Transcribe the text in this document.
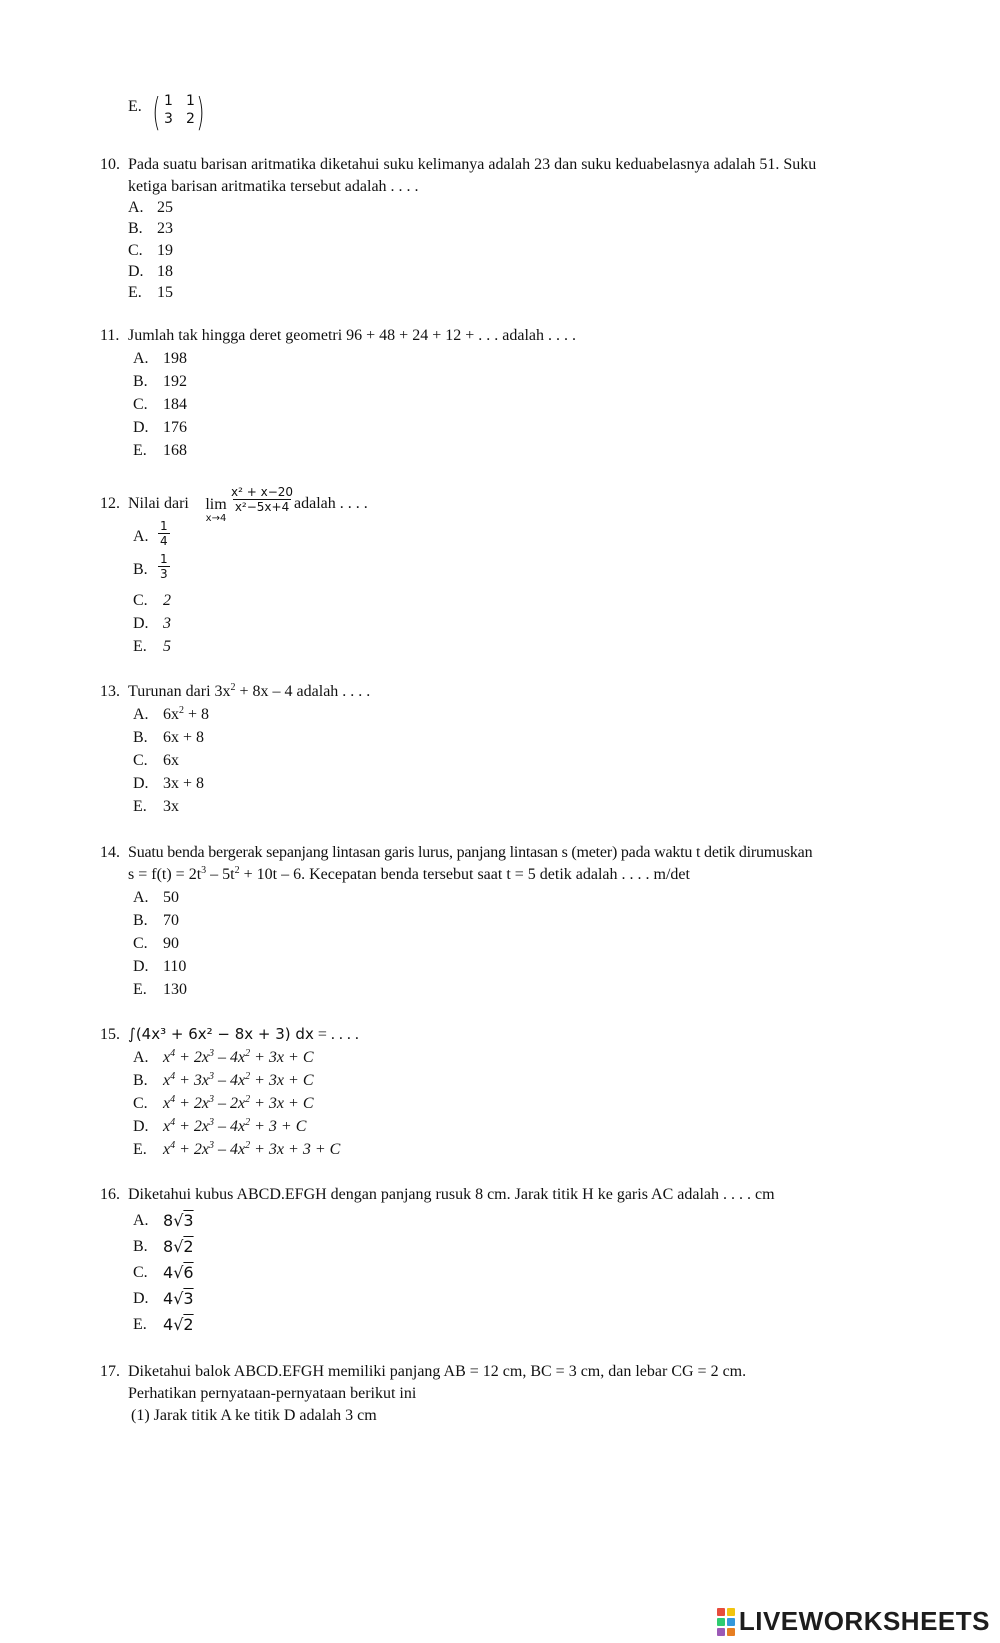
E. ( 1 1
3 2 )
10. Pada suatu barisan aritmatika diketahui suku kelimanya adalah 23 dan suku keduabelasnya adalah 51. Suku
ketiga barisan aritmatika tersebut adalah . . . .
A. 25
B. 23
C. 19
D. 18
E. 15
11. Jumlah tak hingga deret geometri 96 + 48 + 24 + 12 + . . . adalah . . . .
A. 198
B. 192
C. 184
D. 176
E. 168
12. Nilai dari lim
x→4
$\frac{\text{x² + x−20}}{\text{x²−5x+4}}$
adalah . . . .
A. $\frac{1}{4}$
B. $\frac{1}{3}$
C. 2
D. 3
E. 5
13. Turunan dari $3x^2 + 8x - 4$ adalah . . . .
A. $6x^2 + 8$
B. 6x + 8
C. 6x
D. 3x + 8
E. 3x
14. Suatu benda bergerak sepanjang lintasan garis lurus, panjang lintasan s (meter) pada waktu t detik dirumuskan
$s = f(t) = 2t^3 - 5t^2 + 10t - 6$. Kecepatan benda tersebut saat t = 5 detik adalah . . . . m/det
A. 50
B. 70
C. 90
D. 110
E. 130
15. ∫(4x³ + 6x² − 8x + 3) dx = . . . .
A. $x^4 + 2x^3 - 4x^2 + 3x + C$
B. $x^4 + 3x^3 - 4x^2 + 3x + C$
C. $x^4 + 2x^3 - 2x^2 + 3x + C$
D. $x^4 + 2x^3 - 4x^2 + 3 + C$
E. $x^4 + 2x^3 - 4x^2 + 3x + 3 + C$
16. Diketahui kubus ABCD.EFGH dengan panjang rusuk 8 cm. Jarak titik H ke garis AC adalah . . . . cm
A. 8√3
B. 8√2
C. 4√6
D. 4√3
E. 4√2
17. Diketahui balok ABCD.EFGH memiliki panjang AB = 12 cm, BC = 3 cm, dan lebar CG = 2 cm.
Perhatikan pernyataan-pernyataan berikut ini
(1) Jarak titik A ke titik D adalah 3 cm
LIVEWORKSHEETS
